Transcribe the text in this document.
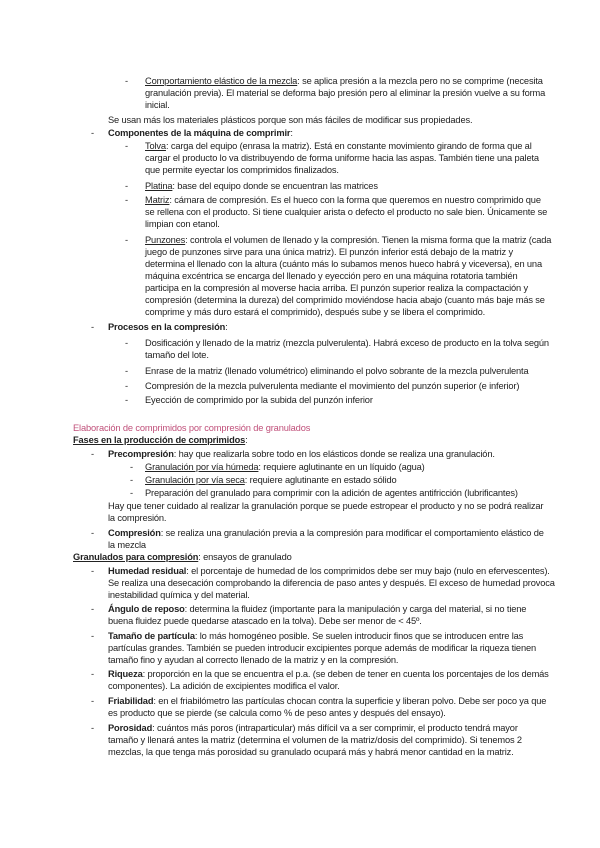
- Comportamiento elástico de la mezcla: se aplica presión a la mezcla pero no se comprime (necesita
granulación previa). El material se deforma bajo presión pero al eliminar la presión vuelve a su forma
inicial.
Se usan más los materiales plásticos porque son más fáciles de modificar sus propiedades.
- Componentes de la máquina de comprimir:
- Tolva: carga del equipo (enrasa la matriz). Está en constante movimiento girando de forma que al
cargar el producto lo va distribuyendo de forma uniforme hacia las aspas. También tiene una paleta
que permite eyectar los comprimidos finalizados.
- Platina: base del equipo donde se encuentran las matrices
- Matriz: cámara de compresión. Es el hueco con la forma que queremos en nuestro comprimido que
se rellena con el producto. Si tiene cualquier arista o defecto el producto no sale bien. Únicamente se
limpian con etanol.
- Punzones: controla el volumen de llenado y la compresión. Tienen la misma forma que la matriz (cada
juego de punzones sirve para una única matriz). El punzón inferior está debajo de la matriz y
determina el llenado con la altura (cuánto más lo subamos menos hueco habrá y viceversa), en una
máquina excéntrica se encarga del llenado y eyección pero en una máquina rotatoria también
participa en la compresión al moverse hacia arriba. El punzón superior realiza la compactación y
compresión (determina la dureza) del comprimido moviéndose hacia abajo (cuanto más baje más se
comprime y más duro estará el comprimido), después sube y se libera el comprimido.
- Procesos en la compresión:
- Dosificación y llenado de la matriz (mezcla pulverulenta). Habrá exceso de producto en la tolva según
tamaño del lote.
- Enrase de la matriz (llenado volumétrico) eliminando el polvo sobrante de la mezcla pulverulenta
- Compresión de la mezcla pulverulenta mediante el movimiento del punzón superior (e inferior)
- Eyección de comprimido por la subida del punzón inferior
Elaboración de comprimidos por compresión de granulados
Fases en la producción de comprimidos:
- Precompresión: hay que realizarla sobre todo en los elásticos donde se realiza una granulación.
- Granulación por vía húmeda: requiere aglutinante en un líquido (agua)
- Granulación por vía seca: requiere aglutinante en estado sólido
- Preparación del granulado para comprimir con la adición de agentes antifricción (lubrificantes)
Hay que tener cuidado al realizar la granulación porque se puede estropear el producto y no se podrá realizar
la compresión.
- Compresión: se realiza una granulación previa a la compresión para modificar el comportamiento elástico de
la mezcla
Granulados para compresión: ensayos de granulado
- Humedad residual: el porcentaje de humedad de los comprimidos debe ser muy bajo (nulo en efervescentes).
Se realiza una desecación comprobando la diferencia de paso antes y después. El exceso de humedad provoca
inestabilidad química y del material.
- Ángulo de reposo: determina la fluidez (importante para la manipulación y carga del material, si no tiene
buena fluidez puede quedarse atascado en la tolva). Debe ser menor de < 45º.
- Tamaño de partícula: lo más homogéneo posible. Se suelen introducir finos que se introducen entre las
partículas grandes. También se pueden introducir excipientes porque además de modificar la riqueza tienen
tamaño fino y ayudan al correcto llenado de la matriz y en la compresión.
- Riqueza: proporción en la que se encuentra el p.a. (se deben de tener en cuenta los porcentajes de los demás
componentes). La adición de excipientes modifica el valor.
- Friabilidad: en el friabilómetro las partículas chocan contra la superficie y liberan polvo. Debe ser poco ya que
es producto que se pierde (se calcula como % de peso antes y después del ensayo).
- Porosidad: cuántos más poros (intraparticular) más difícil va a ser comprimir, el producto tendrá mayor
tamaño y llenará antes la matriz (determina el volumen de la matriz/dosis del comprimido). Si tenemos 2
mezclas, la que tenga más porosidad su granulado ocupará más y habrá menor cantidad en la matriz.
